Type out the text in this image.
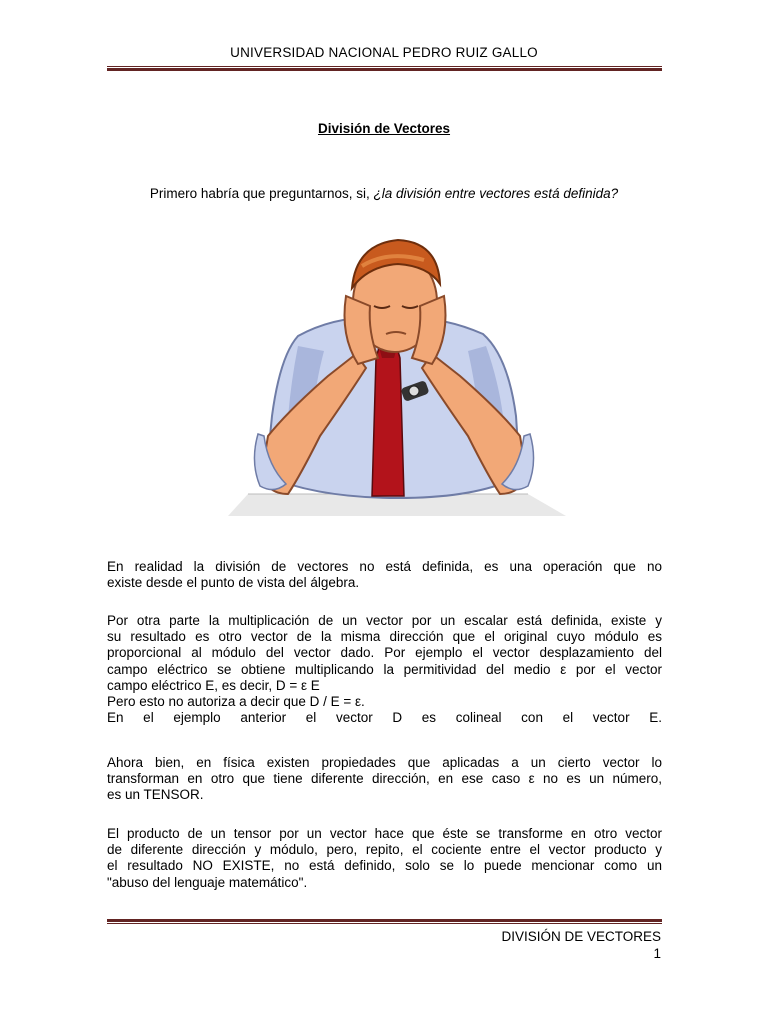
UNIVERSIDAD NACIONAL PEDRO RUIZ GALLO
División de Vectores
Primero habría que preguntarnos, si, ¿la división entre vectores está definida?
En realidad la división de vectores no está definida, es una operación que no
existe desde el punto de vista del álgebra.
Por otra parte la multiplicación de un vector por un escalar está definida, existe y
su resultado es otro vector de la misma dirección que el original cuyo módulo es
proporcional al módulo del vector dado. Por ejemplo el vector desplazamiento del
campo eléctrico se obtiene multiplicando la permitividad del medio ε por el vector
campo eléctrico E, es decir, D = ε E
Pero esto no autoriza a decir que D / E = ε.
En el ejemplo anterior el vector D es colineal con el vector E.
Ahora bien, en física existen propiedades que aplicadas a un cierto vector lo
transforman en otro que tiene diferente dirección, en ese caso ε no es un número,
es un TENSOR.
El producto de un tensor por un vector hace que éste se transforme en otro vector
de diferente dirección y módulo, pero, repito, el cociente entre el vector producto y
el resultado NO EXISTE, no está definido, solo se lo puede mencionar como un
"abuso del lenguaje matemático".
DIVISIÓN DE VECTORES
1
